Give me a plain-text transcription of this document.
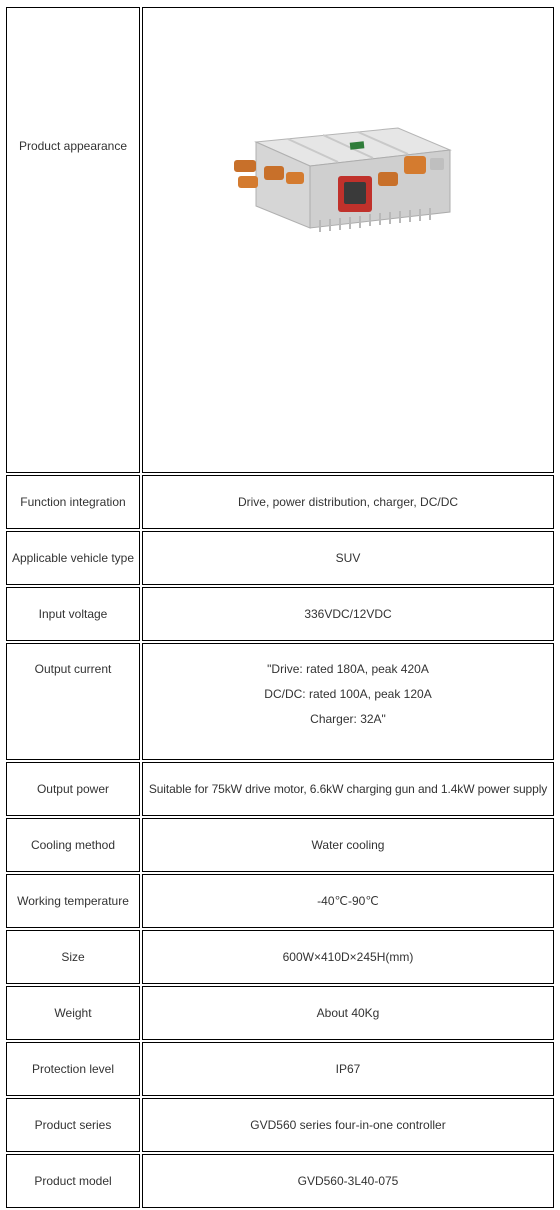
Product appearance	

Function integration	Drive, power distribution, charger, DC/DC
Applicable vehicle type	SUV
Input voltage	336VDC/12VDC
Output current	"Drive: rated 180A, peak 420A
DC/DC: rated 100A, peak 120A
Charger: 32A"

Output power	Suitable for 75kW drive motor, 6.6kW charging gun and 1.4kW power supply
Cooling method	Water cooling
Working temperature	-40℃-90℃
Size	600W×410D×245H(mm)
Weight	About 40Kg
Protection level	IP67
Product series	GVD560 series four-in-one controller
Product model	GVD560-3L40-075
